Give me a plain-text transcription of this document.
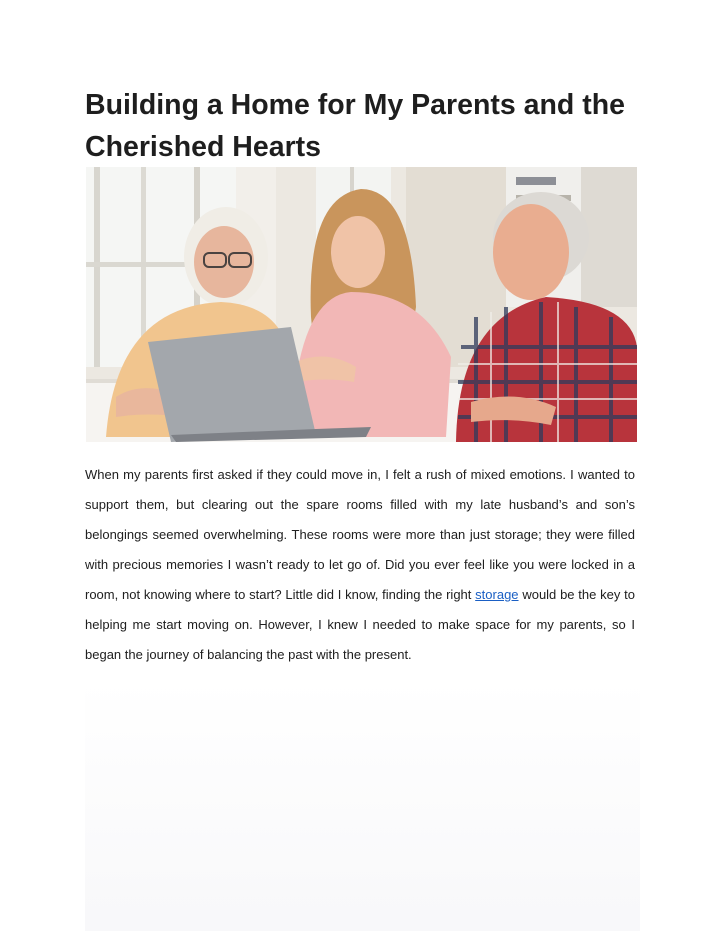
Building a Home for My Parents and the Cherished Hearts

When my parents first asked if they could move in, I felt a rush of mixed emotions. I wanted to support them, but clearing out the spare rooms filled with my late husband’s and son’s belongings seemed overwhelming. These rooms were more than just storage; they were filled with precious memories I wasn’t ready to let go of. Did you ever feel like you were locked in a room, not knowing where to start? Little did I know, finding the right storage would be the key to helping me start moving on. However, I knew I needed to make space for my parents, so I began the journey of balancing the past with the present.
